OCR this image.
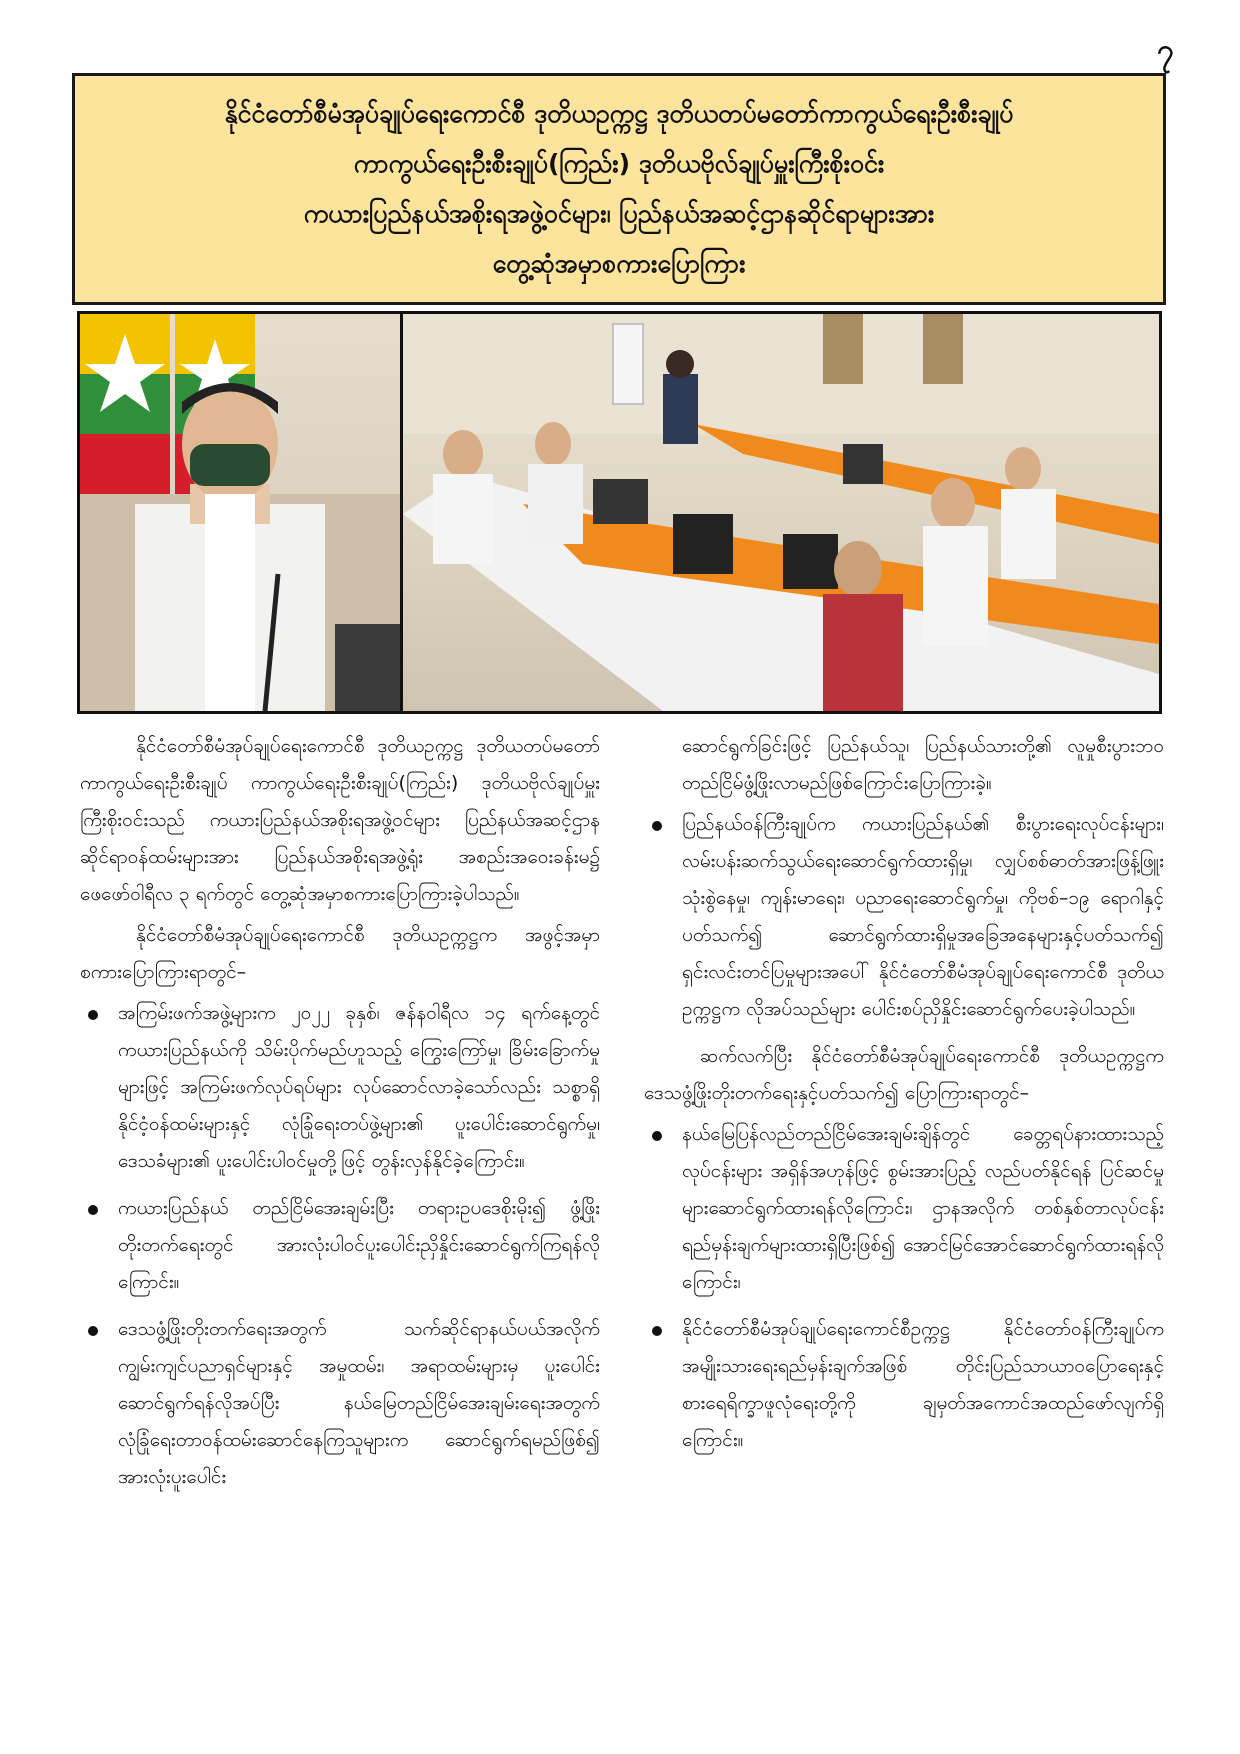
၇
နိုင်ငံတော်စီမံအုပ်ချုပ်ရေးကောင်စီ ဒုတိယဥက္ကဋ္ဌ ဒုတိယတပ်မတော်ကာကွယ်ရေးဦးစီးချုပ်
ကာကွယ်ရေးဦးစီးချုပ်(ကြည်း) ဒုတိယဗိုလ်ချုပ်မှူးကြီးစိုးဝင်း
ကယားပြည်နယ်အစိုးရအဖွဲ့ဝင်များ၊ ပြည်နယ်အဆင့်ဌာနဆိုင်ရာများအား
တွေ့ဆုံအမှာစကားပြောကြား

နိုင်ငံတော်စီမံအုပ်ချုပ်ရေးကောင်စီ ဒုတိယဥက္ကဋ္ဌ ဒုတိယတပ်မတော်ကာကွယ်ရေးဦးစီးချုပ် ကာကွယ်ရေးဦးစီးချုပ်(ကြည်း) ဒုတိယဗိုလ်ချုပ်မှူးကြီးစိုးဝင်းသည် ကယားပြည်နယ်အစိုးရအဖွဲ့ဝင်များ ပြည်နယ်အဆင့်ဌာနဆိုင်ရာဝန်ထမ်းများအား ပြည်နယ်အစိုးရအဖွဲ့ရုံး အစည်းအဝေးခန်းမ၌ ဖေဖော်ဝါရီလ ၃ ရက်တွင် တွေ့ဆုံအမှာစကားပြောကြားခဲ့ပါသည်။

နိုင်ငံတော်စီမံအုပ်ချုပ်ရေးကောင်စီ ဒုတိယဥက္ကဋ္ဌက အဖွင့်အမှာစကားပြောကြားရာတွင်–

အကြမ်းဖက်အဖွဲ့များက ၂၀၂၂ ခုနှစ်၊ ဇန်နဝါရီလ ၁၄ ရက်နေ့တွင် ကယားပြည်နယ်ကို သိမ်းပိုက်မည်ဟူသည့် ကြွေးကြော်မှု၊ ခြိမ်းခြောက်မှုများဖြင့် အကြမ်းဖက်လုပ်ရပ်များ လုပ်ဆောင်လာခဲ့သော်လည်း သစ္စာရှိနိုင်ငံ့ဝန်ထမ်းများနှင့် လုံခြုံရေးတပ်ဖွဲ့များ၏ ပူးပေါင်းဆောင်ရွက်မှု၊ ဒေသခံများ၏ ပူးပေါင်းပါဝင်မှုတို့ဖြင့် တွန်းလှန်နိုင်ခဲ့ကြောင်း။
ကယားပြည်နယ် တည်ငြိမ်အေးချမ်းပြီး တရားဥပဒေစိုးမိုး၍ ဖွံ့ဖြိုးတိုးတက်ရေးတွင် အားလုံးပါဝင်ပူးပေါင်းညှိနှိုင်းဆောင်ရွက်ကြရန်လိုကြောင်း။
ဒေသဖွံ့ဖြိုးတိုးတက်ရေးအတွက် သက်ဆိုင်ရာနယ်ပယ်အလိုက် ကျွမ်းကျင်ပညာရှင်များနှင့် အမှုထမ်း၊ အရာထမ်းများမှ ပူးပေါင်းဆောင်ရွက်ရန်လိုအပ်ပြီး နယ်မြေတည်ငြိမ်အေးချမ်းရေးအတွက် လုံခြုံရေးတာဝန်ထမ်းဆောင်နေကြသူများက ဆောင်ရွက်ရမည်ဖြစ်၍ အားလုံးပူးပေါင်း

ဆောင်ရွက်ခြင်းဖြင့် ပြည်နယ်သူ၊ ပြည်နယ်သားတို့၏ လူမှုစီးပွားဘဝတည်ငြိမ်ဖွံ့ဖြိုးလာမည်ဖြစ်ကြောင်းပြောကြားခဲ့။

ပြည်နယ်ဝန်ကြီးချုပ်က ကယားပြည်နယ်၏ စီးပွားရေးလုပ်ငန်းများ၊ လမ်းပန်းဆက်သွယ်ရေးဆောင်ရွက်ထားရှိမှု၊ လျှပ်စစ်ဓာတ်အားဖြန့်ဖြူးသုံးစွဲနေမှု၊ ကျန်းမာရေး၊ ပညာရေးဆောင်ရွက်မှု၊ ကိုဗစ်–၁၉ ရောဂါနှင့်ပတ်သက်၍ ဆောင်ရွက်ထားရှိမှုအခြေအနေများနှင့်ပတ်သက်၍ ရှင်းလင်းတင်ပြမှုများအပေါ် နိုင်ငံတော်စီမံအုပ်ချုပ်ရေးကောင်စီ ဒုတိယဥက္ကဋ္ဌက လိုအပ်သည်များ ပေါင်းစပ်ညှိနှိုင်းဆောင်ရွက်ပေးခဲ့ပါသည်။

ဆက်လက်ပြီး နိုင်ငံတော်စီမံအုပ်ချုပ်ရေးကောင်စီ ဒုတိယဥက္ကဋ္ဌက ဒေသဖွံ့ဖြိုးတိုးတက်ရေးနှင့်ပတ်သက်၍ ပြောကြားရာတွင်–

နယ်မြေပြန်လည်တည်ငြိမ်အေးချမ်းချိန်တွင် ခေတ္တရပ်နားထားသည့်လုပ်ငန်းများ အရှိန်အဟုန်ဖြင့် စွမ်းအားပြည့် လည်ပတ်နိုင်ရန် ပြင်ဆင်မှုများဆောင်ရွက်ထားရန်လိုကြောင်း၊ ဌာနအလိုက် တစ်နှစ်တာလုပ်ငန်းရည်မှန်းချက်များထားရှိပြီးဖြစ်၍ အောင်မြင်အောင်ဆောင်ရွက်ထားရန်လိုကြောင်း၊
နိုင်ငံတော်စီမံအုပ်ချုပ်ရေးကောင်စီဥက္ကဋ္ဌ နိုင်ငံတော်ဝန်ကြီးချုပ်က အမျိုးသားရေးရည်မှန်းချက်အဖြစ် တိုင်းပြည်သာယာဝပြောရေးနှင့် စားရေရိက္ခာဖူလုံရေးတို့ကို ချမှတ်အကောင်အထည်ဖော်လျက်ရှိကြောင်း။
